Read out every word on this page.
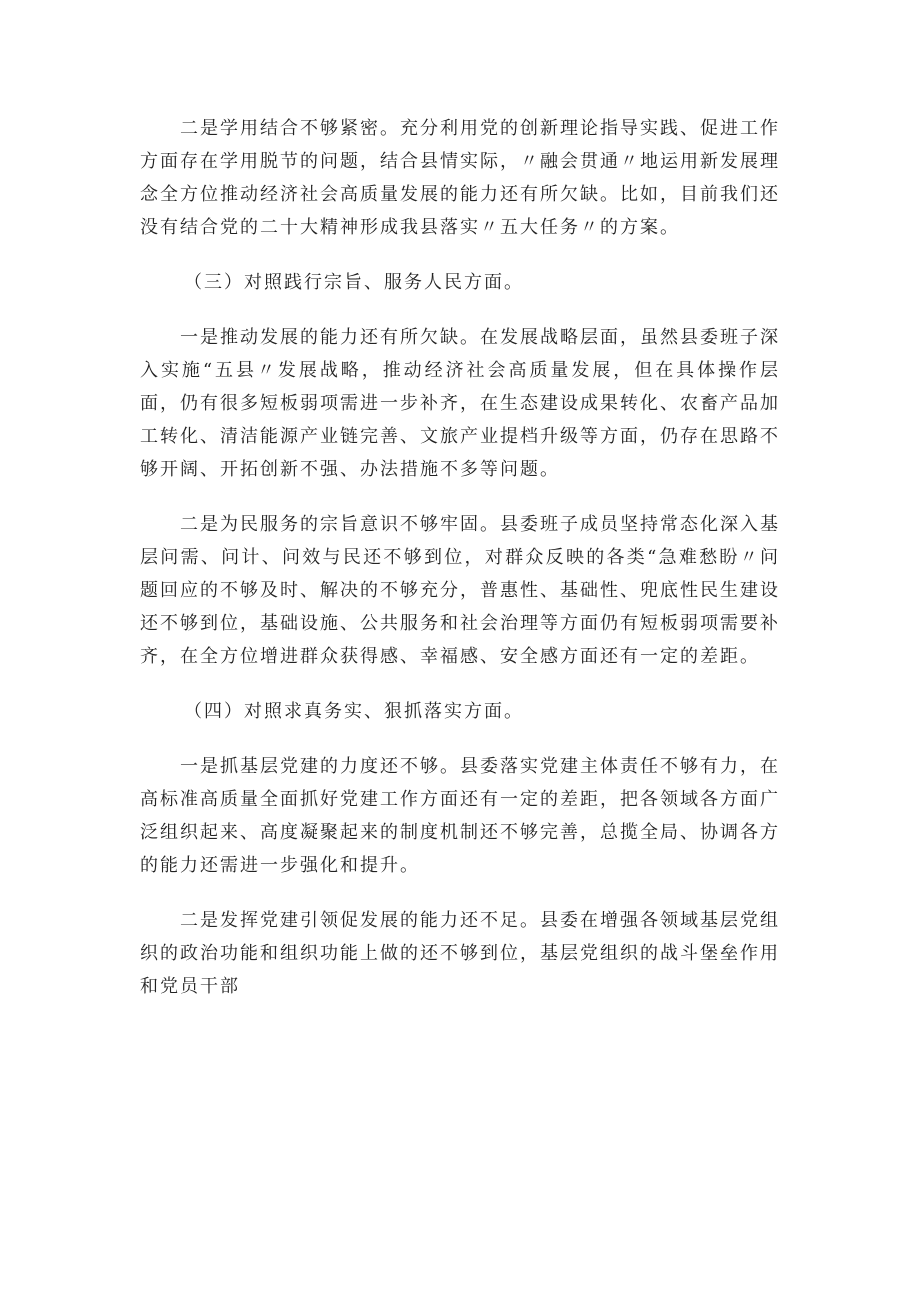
二是学用结合不够紧密。充分利用党的创新理论指导实践、促进工作方面存在学用脱节的问题，结合县情实际，〃融会贯通〃地运用新发展理念全方位推动经济社会高质量发展的能力还有所欠缺。比如，目前我们还没有结合党的二十大精神形成我县落实〃五大任务〃的方案。

（三）对照践行宗旨、服务人民方面。

一是推动发展的能力还有所欠缺。在发展战略层面，虽然县委班子深入实施“五县〃发展战略，推动经济社会高质量发展，但在具体操作层面，仍有很多短板弱项需进一步补齐，在生态建设成果转化、农畜产品加工转化、清洁能源产业链完善、文旅产业提档升级等方面，仍存在思路不够开阔、开拓创新不强、办法措施不多等问题。

二是为民服务的宗旨意识不够牢固。县委班子成员坚持常态化深入基层问需、问计、问效与民还不够到位，对群众反映的各类“急难愁盼〃问题回应的不够及时、解决的不够充分，普惠性、基础性、兜底性民生建设还不够到位，基础设施、公共服务和社会治理等方面仍有短板弱项需要补齐，在全方位增进群众获得感、幸福感、安全感方面还有一定的差距。

（四）对照求真务实、狠抓落实方面。

一是抓基层党建的力度还不够。县委落实党建主体责任不够有力，在高标准高质量全面抓好党建工作方面还有一定的差距，把各领域各方面广泛组织起来、高度凝聚起来的制度机制还不够完善，总揽全局、协调各方的能力还需进一步强化和提升。

二是发挥党建引领促发展的能力还不足。县委在增强各领域基层党组织的政治功能和组织功能上做的还不够到位，基层党组织的战斗堡垒作用和党员干部
